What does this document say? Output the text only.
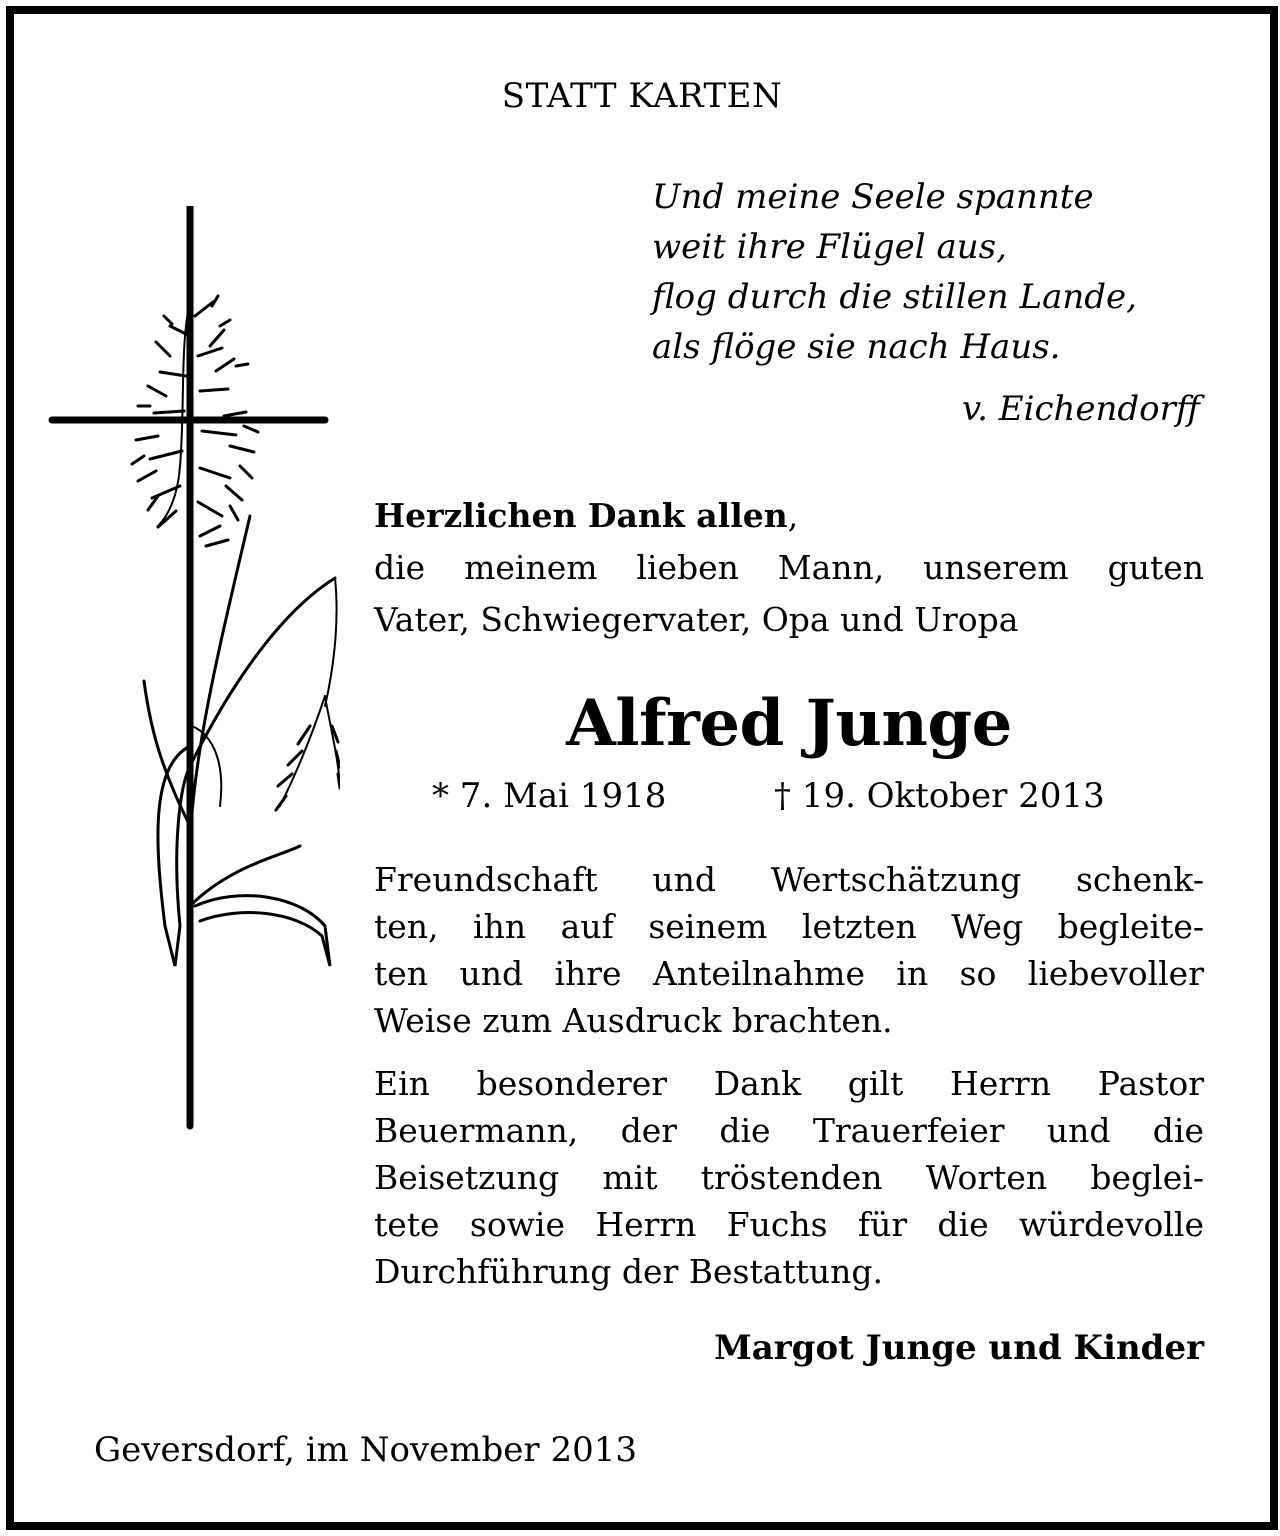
STATT KARTEN
Und meine Seele spannte
weit ihre Flügel aus,
flog durch die stillen Lande,
als flöge sie nach Haus.
v. Eichendorff
Herzlichen Dank allen,
die meinem lieben Mann, unserem guten
Vater, Schwiegervater, Opa und Uropa
Alfred Junge
* 7. Mai 1918	† 19. Oktober 2013
Freundschaft und Wertschätzung schenk-
ten, ihn auf seinem letzten Weg begleite-
ten und ihre Anteilnahme in so liebevoller
Weise zum Ausdruck brachten.
Ein besonderer Dank gilt Herrn Pastor
Beuermann, der die Trauerfeier und die
Beisetzung mit tröstenden Worten beglei-
tete sowie Herrn Fuchs für die würdevolle
Durchführung der Bestattung.
Margot Junge und Kinder
Geversdorf, im November 2013
